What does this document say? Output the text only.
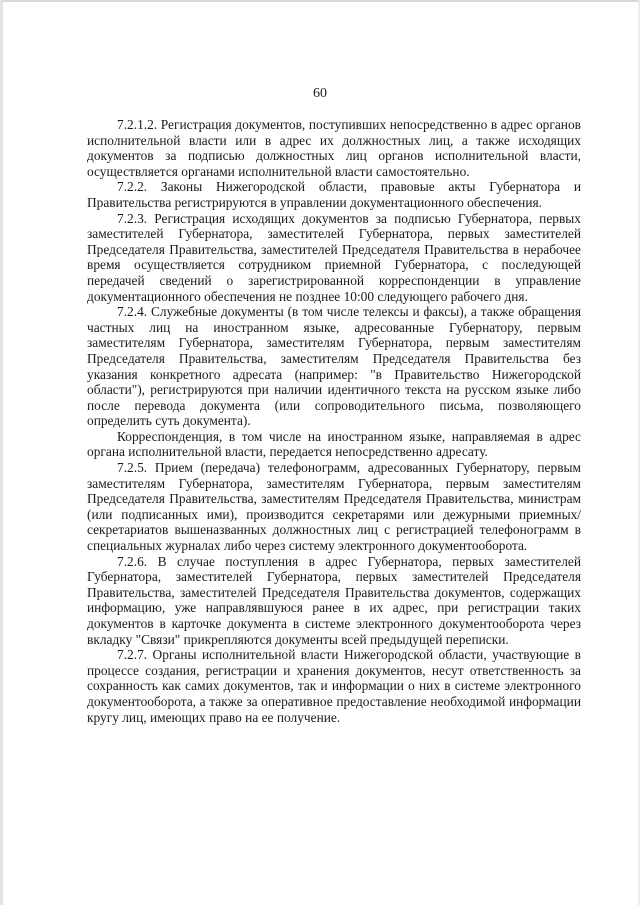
60

7.2.1.2. Регистрация документов, поступивших непосредственно в адрес органов исполнительной власти или в адрес их должностных лиц, а также исходящих документов за подписью должностных лиц органов исполнительной власти, осуществляется органами исполнительной власти самостоятельно.

7.2.2. Законы Нижегородской области, правовые акты Губернатора и Правительства регистрируются в управлении документационного обеспечения.

7.2.3. Регистрация исходящих документов за подписью Губернатора, первых заместителей Губернатора, заместителей Губернатора, первых заместителей Председателя Правительства, заместителей Председателя Правительства в нерабочее время осуществляется сотрудником приемной Губернатора, с последующей передачей сведений о зарегистрированной корреспонденции в управление документационного обеспечения не позднее 10:00 следующего рабочего дня.

7.2.4. Служебные документы (в том числе телексы и факсы), а также обращения частных лиц на иностранном языке, адресованные Губернатору, первым заместителям Губернатора, заместителям Губернатора, первым заместителям Председателя Правительства, заместителям Председателя Правительства без указания конкретного адресата (например: "в Правительство Нижегородской области"), регистрируются при наличии идентичного текста на русском языке либо после перевода документа (или сопроводительного письма, позволяющего определить суть документа).

Корреспонденция, в том числе на иностранном языке, направляемая в адрес органа исполнительной власти, передается непосредственно адресату.

7.2.5. Прием (передача) телефонограмм, адресованных Губернатору, первым заместителям Губернатора, заместителям Губернатора, первым заместителям Председателя Правительства, заместителям Председателя Правительства, министрам (или подписанных ими), производится секретарями или дежурными приемных/секретариатов вышеназванных должностных лиц с регистрацией телефонограмм в специальных журналах либо через систему электронного документооборота.

7.2.6. В случае поступления в адрес Губернатора, первых заместителей Губернатора, заместителей Губернатора, первых заместителей Председателя Правительства, заместителей Председателя Правительства документов, содержащих информацию, уже направлявшуюся ранее в их адрес, при регистрации таких документов в карточке документа в системе электронного документооборота через вкладку "Связи" прикрепляются документы всей предыдущей переписки.

7.2.7. Органы исполнительной власти Нижегородской области, участвующие в процессе создания, регистрации и хранения документов, несут ответственность за сохранность как самих документов, так и информации о них в системе электронного документооборота, а также за оперативное предоставление необходимой информации кругу лиц, имеющих право на ее получение.
